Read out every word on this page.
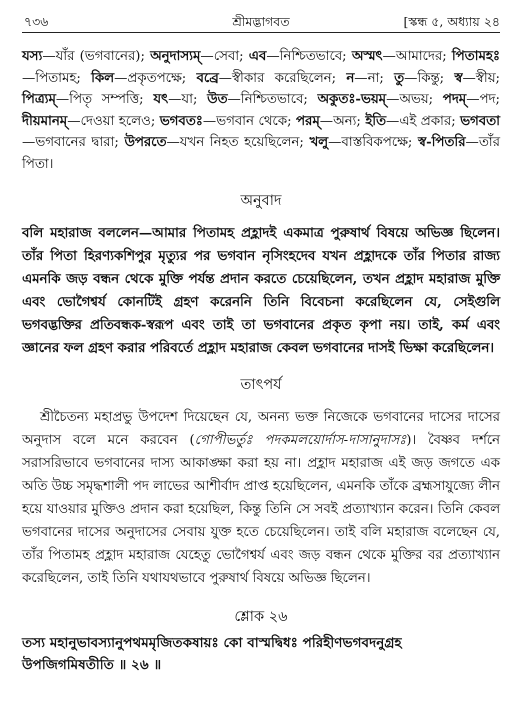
৭৩৬	শ্রীমদ্ভাগবত	[স্কন্ধ ৫, অধ্যায় ২৪
যস্য—যাঁর (ভগবানের); অনুদাস্যম্—সেবা; এব—নিশ্চিতভাবে; অস্মৎ—আমাদের; পিতামহঃ—পিতামহ; কিল—প্রকৃতপক্ষে; বব্রে—স্বীকার করেছিলেন; ন—না; তু—কিন্তু; স্ব—স্বীয়; পিত্র্যম্—পিতৃ সম্পত্তি; যৎ—যা; উত—নিশ্চিতভাবে; অকুতঃ-ভয়ম্—অভয়; পদম্—পদ; দীয়মানম্—দেওয়া হলেও; ভগবতঃ—ভগবান থেকে; পরম্—অন্য; ইতি—এই প্রকার; ভগবতা—ভগবানের দ্বারা; উপরতে—যখন নিহত হয়েছিলেন; খলু—বাস্তবিকপক্ষে; স্ব-পিতরি—তাঁর পিতা।
অনুবাদ
বলি মহারাজ বললেন—আমার পিতামহ প্রহ্লাদই একমাত্র পুরুষার্থ বিষয়ে অভিজ্ঞ ছিলেন। তাঁর পিতা হিরণ্যকশিপুর মৃত্যুর পর ভগবান নৃসিংহদেব যখন প্রহ্লাদকে তাঁর পিতার রাজ্য এমনকি জড় বন্ধন থেকে মুক্তি পর্যন্ত প্রদান করতে চেয়েছিলেন, তখন প্রহ্লাদ মহারাজ মুক্তি এবং ভোগৈশ্বর্য কোনটিই গ্রহণ করেননি তিনি বিবেচনা করেছিলেন যে, সেইগুলি ভগবদ্ভক্তির প্রতিবন্ধক-স্বরূপ এবং তাই তা ভগবানের প্রকৃত কৃপা নয়। তাই, কর্ম এবং জ্ঞানের ফল গ্রহণ করার পরিবর্তে প্রহ্লাদ মহারাজ কেবল ভগবানের দাসই ভিক্ষা করেছিলেন।
তাৎপর্য
শ্রীচৈতন্য মহাপ্রভু উপদেশ দিয়েছেন যে, অনন্য ভক্ত নিজেকে ভগবানের দাসের দাসের অনুদাস বলে মনে করবেন (গোপীভর্তুঃ পদকমলয়োর্দাস-দাসানুদাসঃ)। বৈষ্ণব দর্শনে সরাসরিভাবে ভগবানের দাস্য আকাঙ্ক্ষা করা হয় না। প্রহ্লাদ মহারাজ এই জড় জগতে এক অতি উচ্চ সমৃদ্ধশালী পদ লাভের আশীর্বাদ প্রাপ্ত হয়েছিলেন, এমনকি তাঁকে ব্রহ্মসাযুজ্যে লীন হয়ে যাওয়ার মুক্তিও প্রদান করা হয়েছিল, কিন্তু তিনি সে সবই প্রত্যাখ্যান করেন। তিনি কেবল ভগবানের দাসের অনুদাসের সেবায় যুক্ত হতে চেয়েছিলেন। তাই বলি মহারাজ বলেছেন যে, তাঁর পিতামহ প্রহ্লাদ মহারাজ যেহেতু ভোগৈশ্বর্য এবং জড় বন্ধন থেকে মুক্তির বর প্রত্যাখ্যান করেছিলেন, তাই তিনি যথাযথভাবে পুরুষার্থ বিষয়ে অভিজ্ঞ ছিলেন।
শ্লোক ২৬
তস্য মহানুভাবস্যানুপথমমৃজিতকষায়ঃ কো বাস্মদ্বিধঃ পরিহীণভগবদনুগ্রহ
উপজিগমিষতীতি ॥ ২৬ ॥
